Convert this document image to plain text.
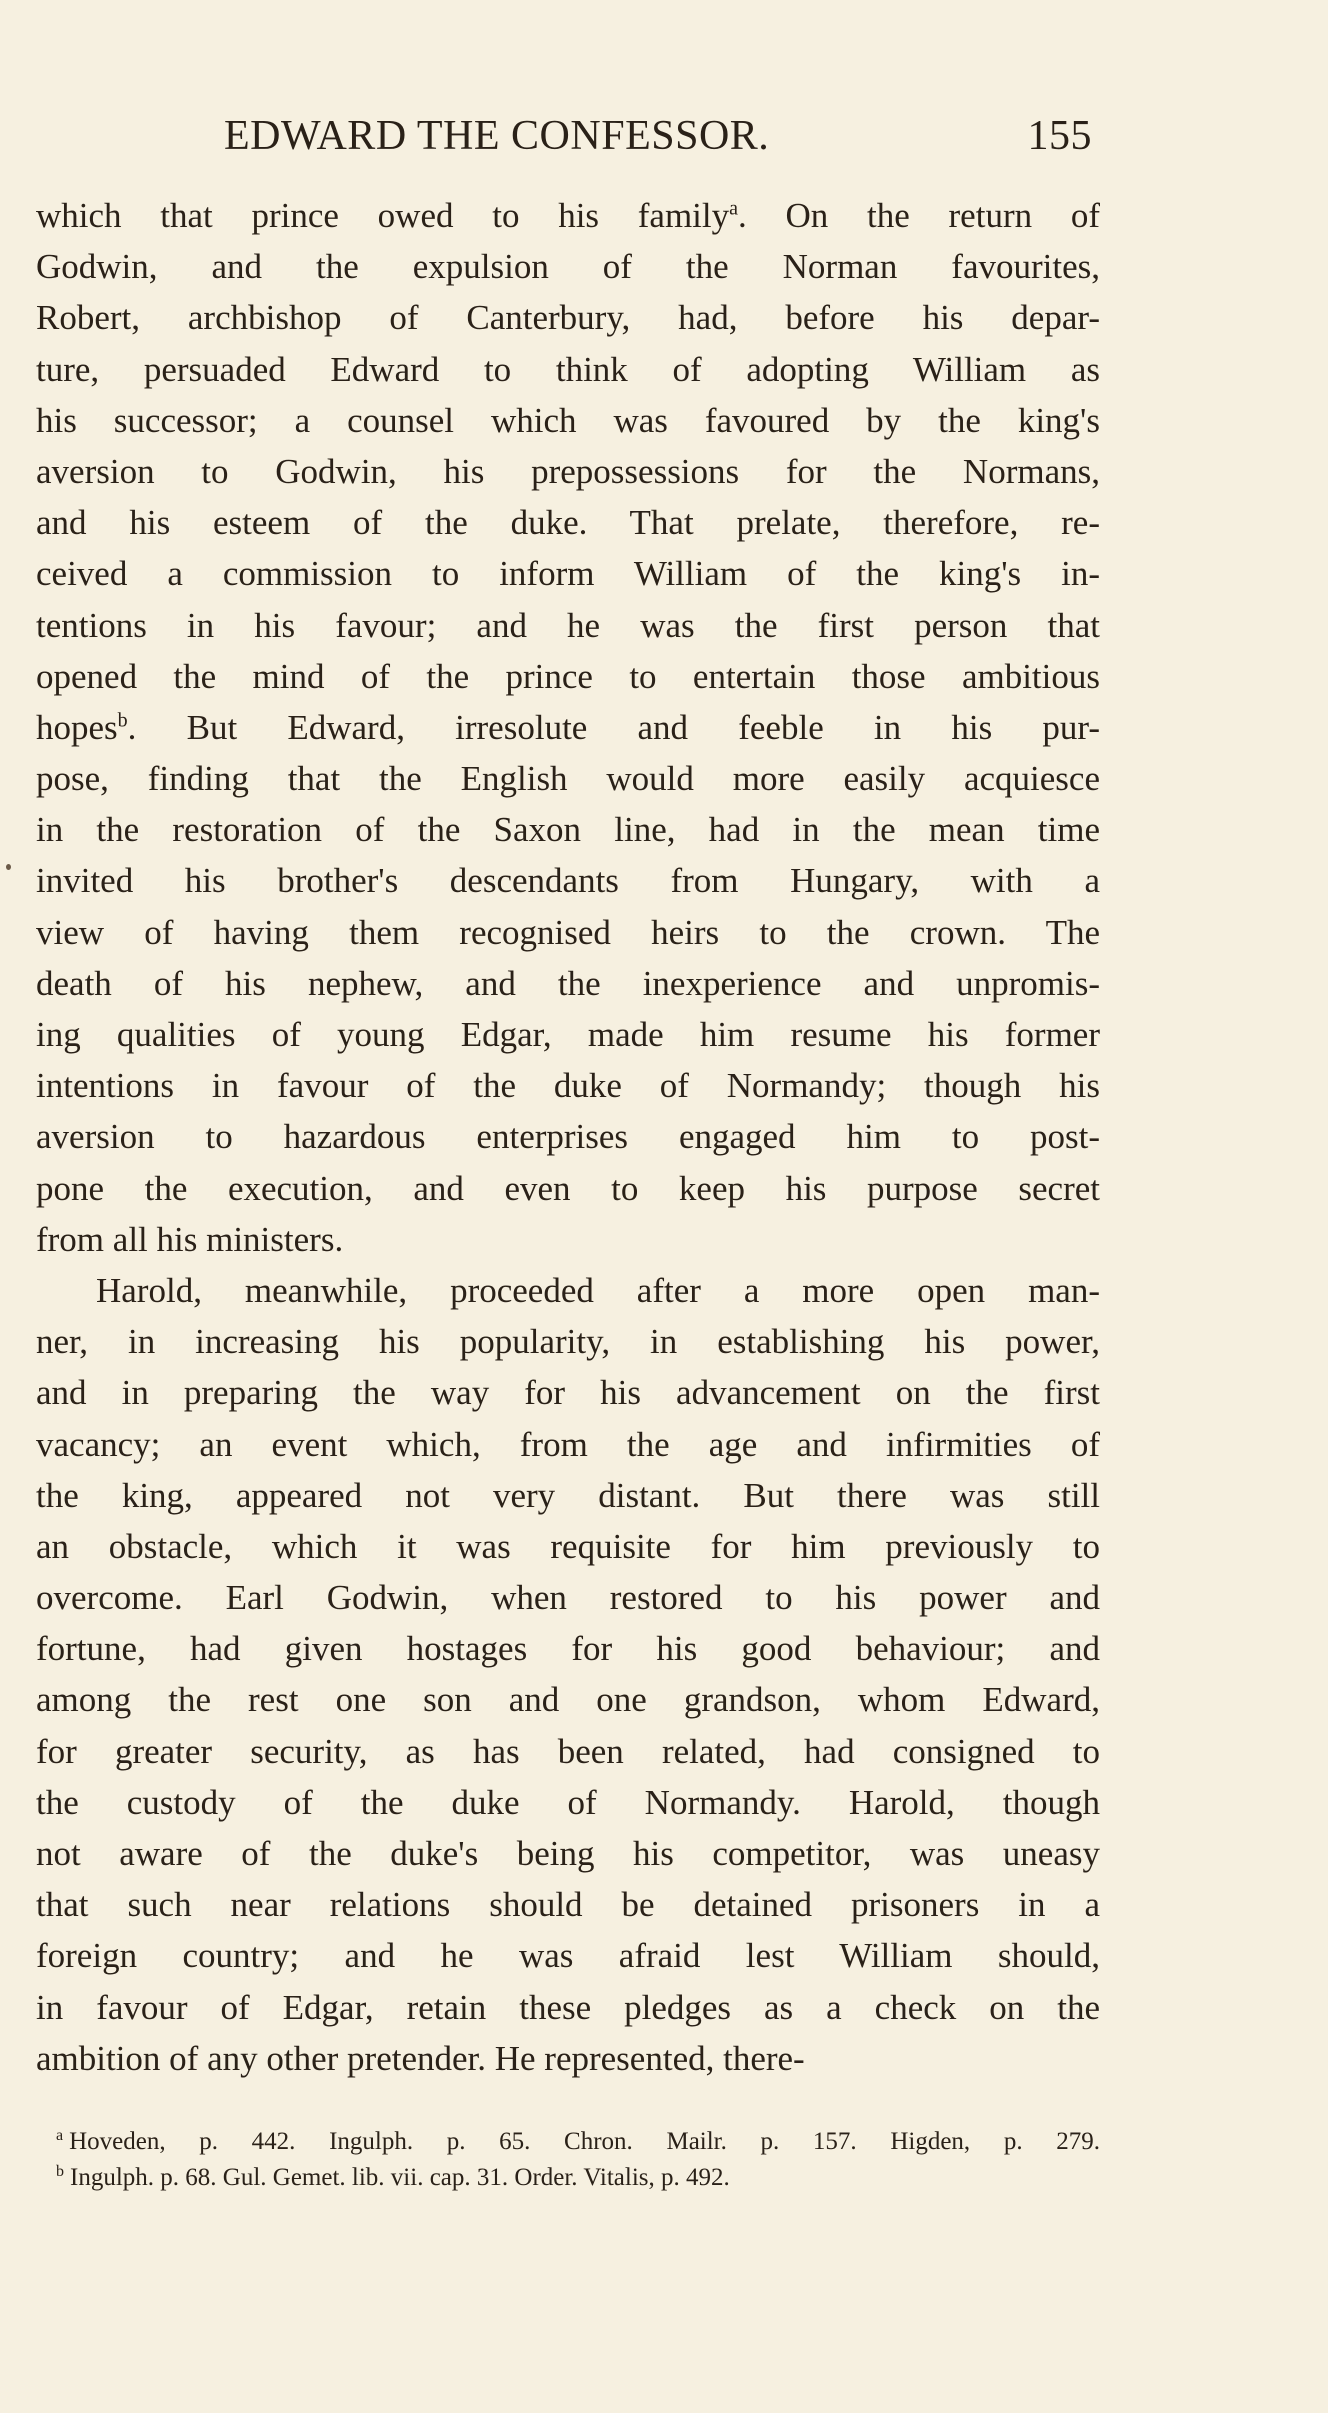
EDWARD THE CONFESSOR.	155
which that prince owed to his family$^a$. On the return of
Godwin, and the expulsion of the Norman favourites,
Robert, archbishop of Canterbury, had, before his depar-
ture, persuaded Edward to think of adopting William as
his successor; a counsel which was favoured by the king's
aversion to Godwin, his prepossessions for the Normans,
and his esteem of the duke. That prelate, therefore, re-
ceived a commission to inform William of the king's in-
tentions in his favour; and he was the first person that
opened the mind of the prince to entertain those ambitious
hopes$^b$. But Edward, irresolute and feeble in his pur-
pose, finding that the English would more easily acquiesce
in the restoration of the Saxon line, had in the mean time
invited his brother's descendants from Hungary, with a
view of having them recognised heirs to the crown. The
death of his nephew, and the inexperience and unpromis-
ing qualities of young Edgar, made him resume his former
intentions in favour of the duke of Normandy; though his
aversion to hazardous enterprises engaged him to post-
pone the execution, and even to keep his purpose secret
from all his ministers.
Harold, meanwhile, proceeded after a more open man-
ner, in increasing his popularity, in establishing his power,
and in preparing the way for his advancement on the first
vacancy; an event which, from the age and infirmities of
the king, appeared not very distant. But there was still
an obstacle, which it was requisite for him previously to
overcome. Earl Godwin, when restored to his power and
fortune, had given hostages for his good behaviour; and
among the rest one son and one grandson, whom Edward,
for greater security, as has been related, had consigned to
the custody of the duke of Normandy. Harold, though
not aware of the duke's being his competitor, was uneasy
that such near relations should be detained prisoners in a
foreign country; and he was afraid lest William should,
in favour of Edgar, retain these pledges as a check on the
ambition of any other pretender. He represented, there-
$^a$ Hoveden, p. 442. Ingulph. p. 65. Chron. Mailr. p. 157. Higden, p. 279.
$^b$ Ingulph. p. 68. Gul. Gemet. lib. vii. cap. 31. Order. Vitalis, p. 492.
